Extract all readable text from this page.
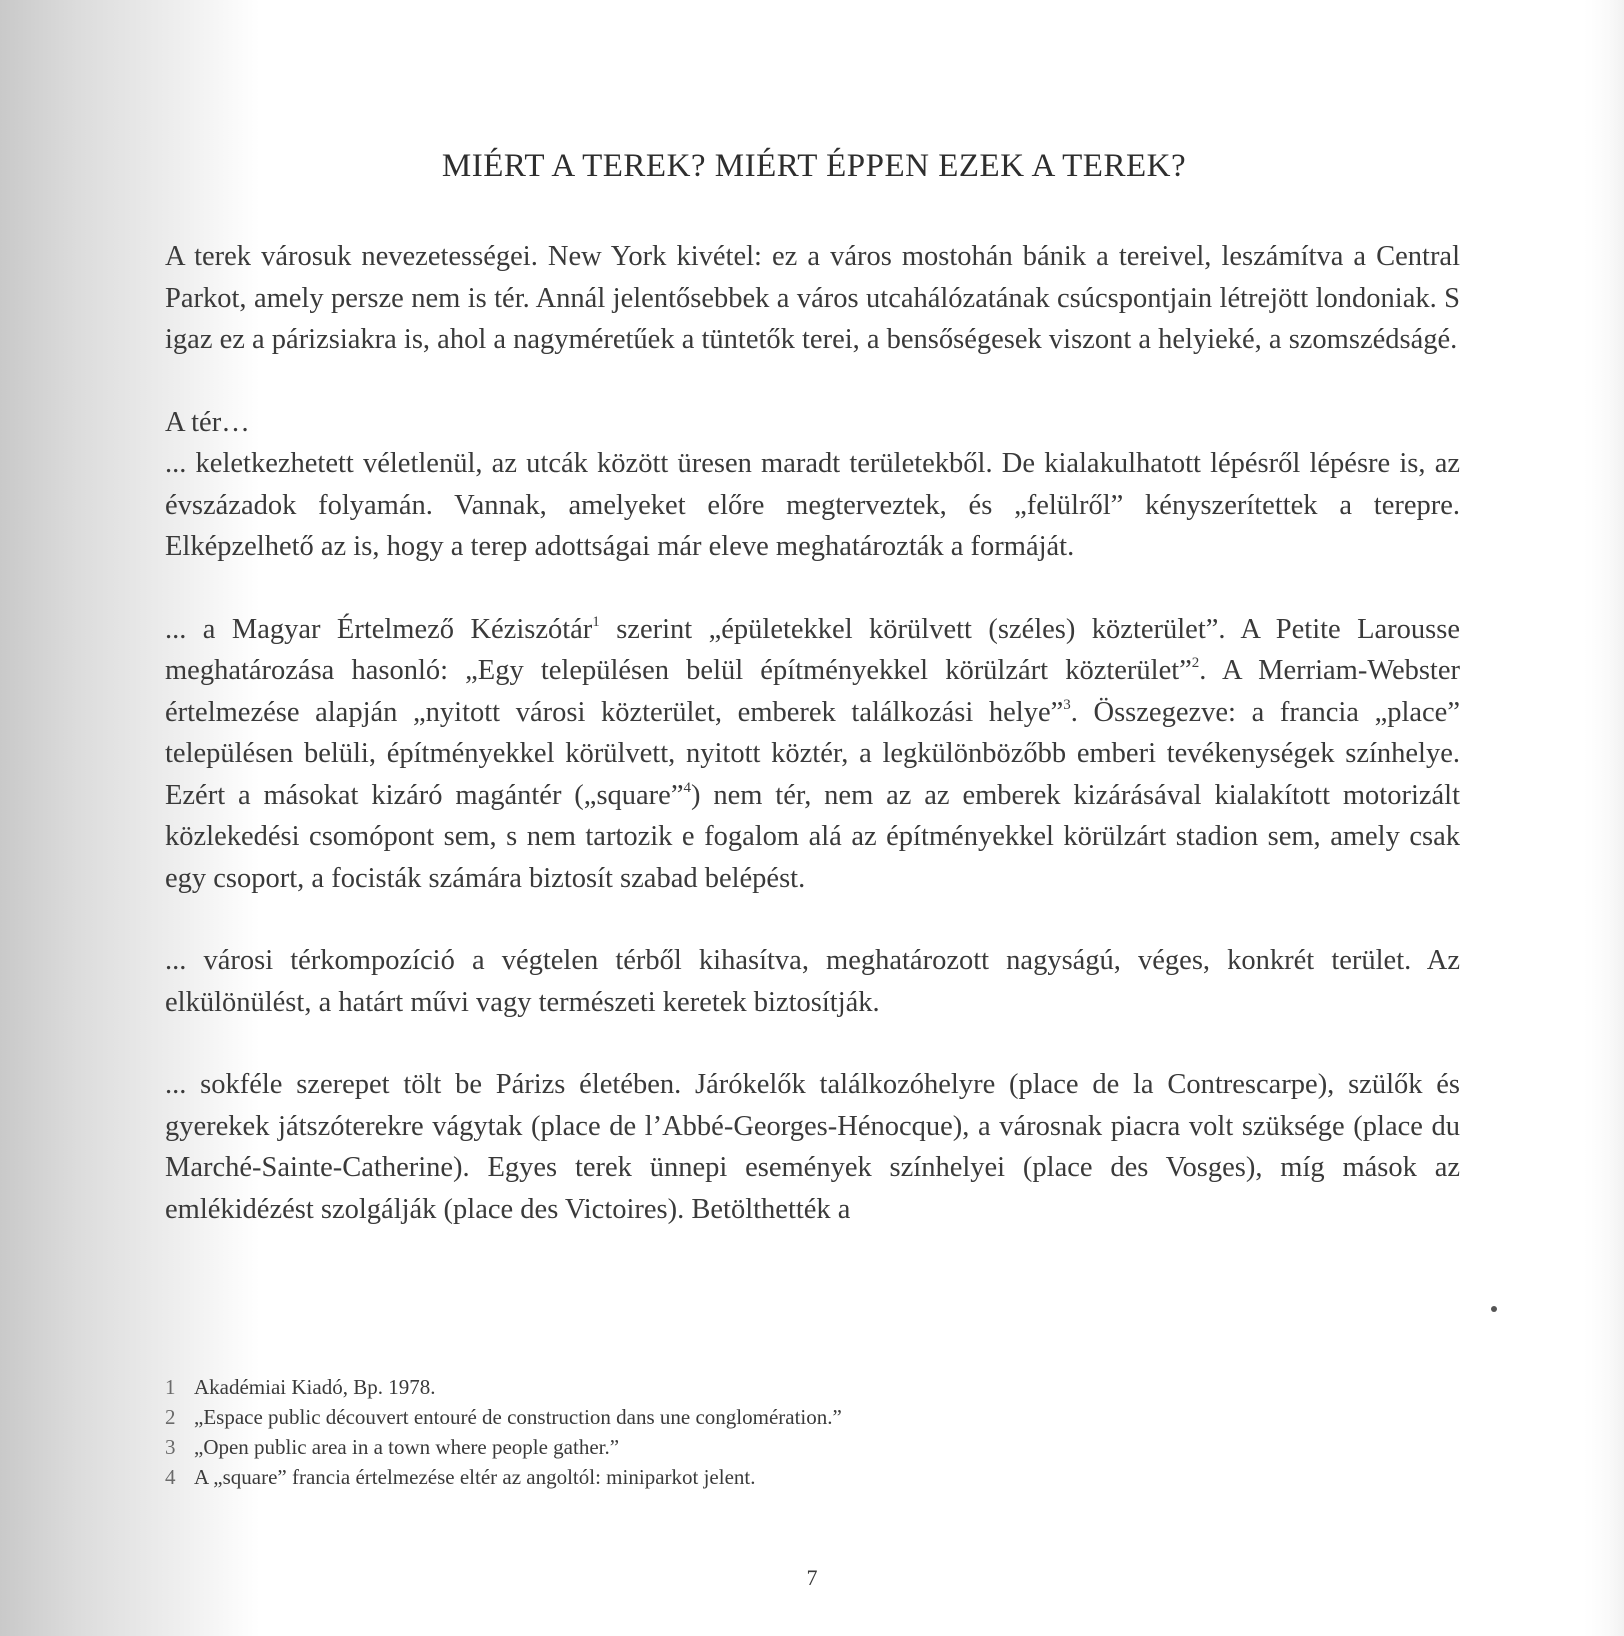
MIÉRT A TEREK? MIÉRT ÉPPEN EZEK A TEREK?

A terek városuk nevezetességei. New York kivétel: ez a város mostohán bánik a tereivel, leszámítva a Central Parkot, amely persze nem is tér. Annál jelentősebbek a város utcahálózatának csúcspontjain létrejött londoniak. S igaz ez a párizsiakra is, ahol a nagyméretűek a tüntetők terei, a bensőségesek viszont a helyieké, a szomszédságé.

A tér…

... keletkezhetett véletlenül, az utcák között üresen maradt területekből. De kialakulhatott lépésről lépésre is, az évszázadok folyamán. Vannak, amelyeket előre megterveztek, és „felülről” kényszerítettek a terepre. Elképzelhető az is, hogy a terep adottságai már eleve meghatározták a formáját.

... a Magyar Értelmező Kéziszótár$^1$ szerint „épületekkel körülvett (széles) közterület”. A Petite Larousse meghatározása hasonló: „Egy településen belül építményekkel körülzárt közterület”$^2$. A Merriam-Webster értelmezése alapján „nyitott városi közterület, emberek találkozási helye”$^3$. Összegezve: a francia „place” településen belüli, építményekkel körülvett, nyitott köztér, a legkülönbözőbb emberi tevékenységek színhelye. Ezért a másokat kizáró magántér („square”$^4$) nem tér, nem az az emberek kizárásával kialakított motorizált közlekedési csomópont sem, s nem tartozik e fogalom alá az építményekkel körülzárt stadion sem, amely csak egy csoport, a focisták számára biztosít szabad belépést.

... városi térkompozíció a végtelen térből kihasítva, meghatározott nagyságú, véges, konkrét terület. Az elkülönülést, a határt művi vagy természeti keretek biztosítják.

... sokféle szerepet tölt be Párizs életében. Járókelők találkozóhelyre (place de la Contrescarpe), szülők és gyerekek játszóterekre vágytak (place de l’Abbé-Georges-Hénocque), a városnak piacra volt szüksége (place du Marché-Sainte-Catherine). Egyes terek ünnepi események színhelyei (place des Vosges), míg mások az emlékidézést szolgálják (place des Victoires). Betölthették a

1 Akadémiai Kiadó, Bp. 1978.
2 „Espace public découvert entouré de construction dans une conglomération.”
3 „Open public area in a town where people gather.”
4 A „square” francia értelmezése eltér az angoltól: miniparkot jelent.
7
